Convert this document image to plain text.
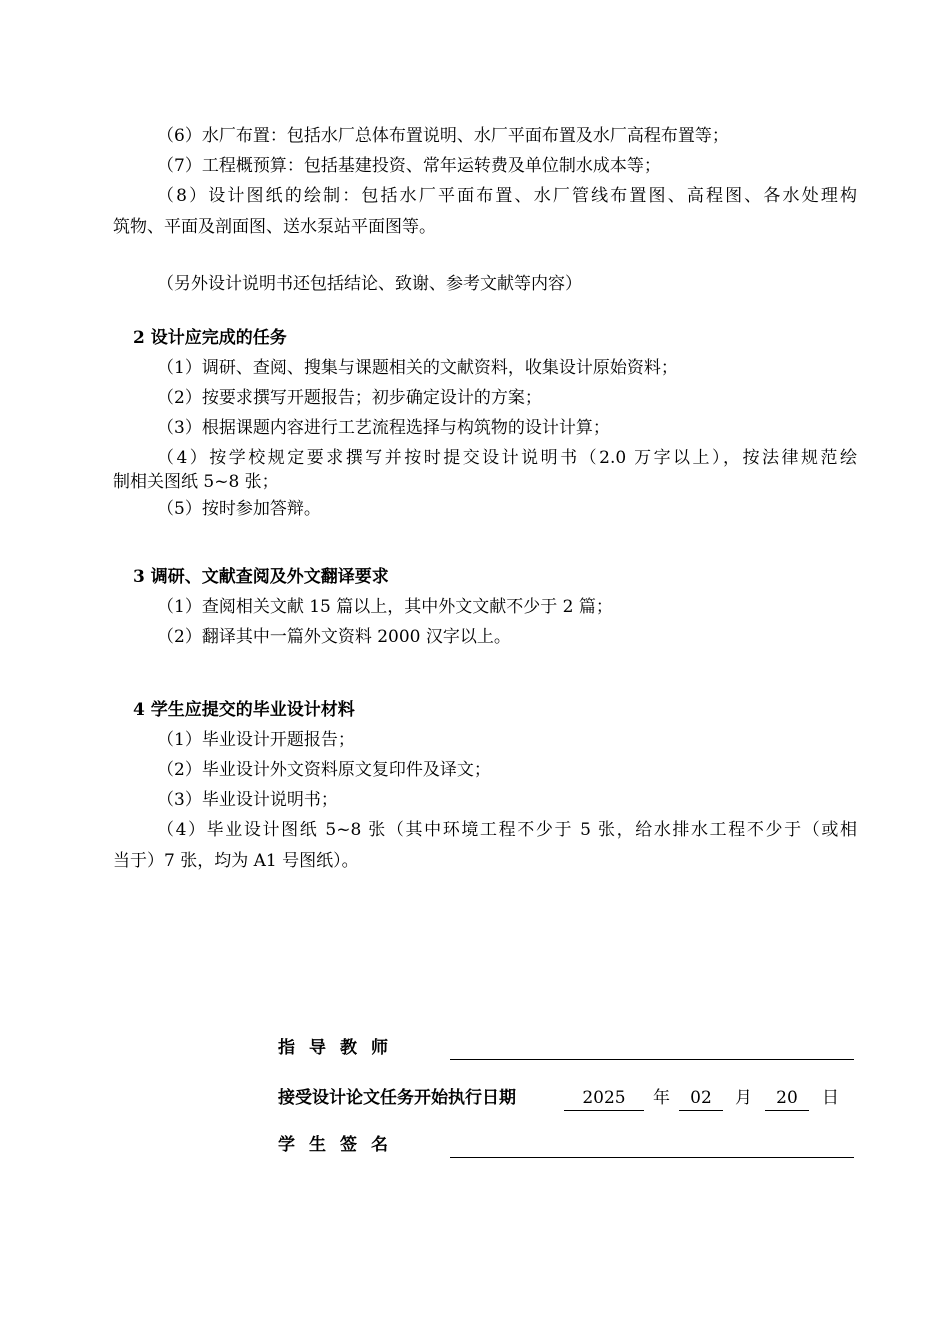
（6）水厂布置：包括水厂总体布置说明、水厂平面布置及水厂高程布置等；
（7）工程概预算：包括基建投资、常年运转费及单位制水成本等；
（8）设计图纸的绘制：包括水厂平面布置、水厂管线布置图、高程图、各水处理构
筑物、平面及剖面图、送水泵站平面图等。
（另外设计说明书还包括结论、致谢、参考文献等内容）
2 设计应完成的任务
（1）调研、查阅、搜集与课题相关的文献资料，收集设计原始资料；
（2）按要求撰写开题报告；初步确定设计的方案；
（3）根据课题内容进行工艺流程选择与构筑物的设计计算；
（4）按学校规定要求撰写并按时提交设计说明书（2.0 万字以上），按法律规范绘
制相关图纸 5~8 张；
（5）按时参加答辩。
3 调研、文献查阅及外文翻译要求
（1）查阅相关文献 15 篇以上，其中外文文献不少于 2 篇；
（2）翻译其中一篇外文资料 2000 汉字以上。
4 学生应提交的毕业设计材料
（1）毕业设计开题报告；
（2）毕业设计外文资料原文复印件及译文；
（3）毕业设计说明书；
（4）毕业设计图纸 5~8 张（其中环境工程不少于 5 张，给水排水工程不少于（或相
当于）7 张，均为 A1 号图纸）。
指导教师
接受设计论文任务开始执行日期	2025	年	02	月	20	日
学生签名
